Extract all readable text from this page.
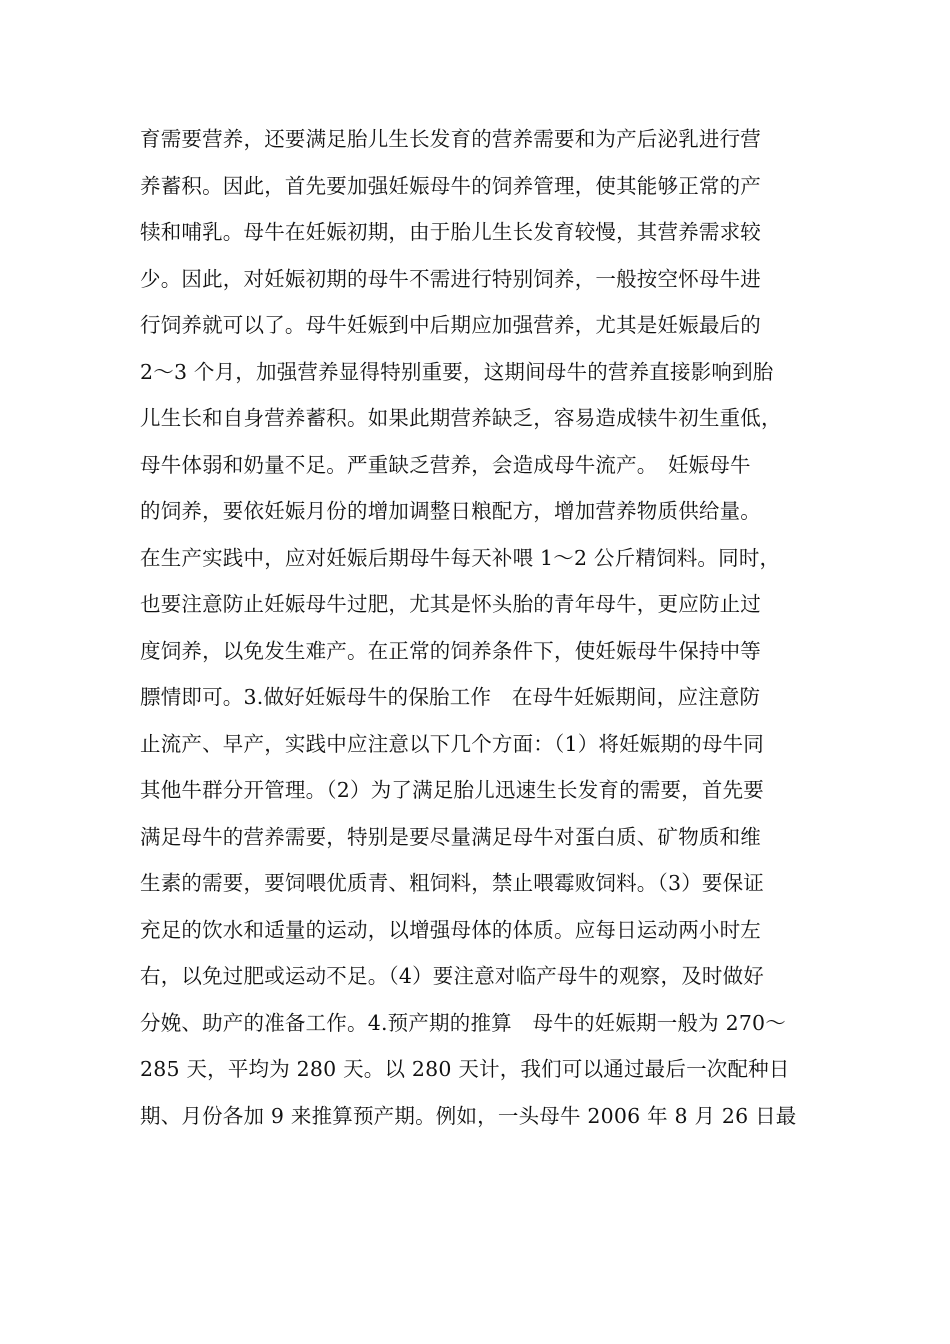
育需要营养，还要满足胎儿生长发育的营养需要和为产后泌乳进行营
养蓄积。因此，首先要加强妊娠母牛的饲养管理，使其能够正常的产
犊和哺乳。母牛在妊娠初期，由于胎儿生长发育较慢，其营养需求较
少。因此，对妊娠初期的母牛不需进行特别饲养，一般按空怀母牛进
行饲养就可以了。母牛妊娠到中后期应加强营养，尤其是妊娠最后的
2～3 个月，加强营养显得特别重要，这期间母牛的营养直接影响到胎
儿生长和自身营养蓄积。如果此期营养缺乏，容易造成犊牛初生重低，
母牛体弱和奶量不足。严重缺乏营养，会造成母牛流产。　妊娠母牛
的饲养，要依妊娠月份的增加调整日粮配方，增加营养物质供给量。
在生产实践中，应对妊娠后期母牛每天补喂 1～2 公斤精饲料。同时，
也要注意防止妊娠母牛过肥，尤其是怀头胎的青年母牛，更应防止过
度饲养，以免发生难产。在正常的饲养条件下，使妊娠母牛保持中等
膘情即可。3.做好妊娠母牛的保胎工作　在母牛妊娠期间，应注意防
止流产、早产，实践中应注意以下几个方面：（1）将妊娠期的母牛同
其他牛群分开管理。（2）为了满足胎儿迅速生长发育的需要，首先要
满足母牛的营养需要，特别是要尽量满足母牛对蛋白质、矿物质和维
生素的需要，要饲喂优质青、粗饲料，禁止喂霉败饲料。（3）要保证
充足的饮水和适量的运动，以增强母体的体质。应每日运动两小时左
右，以免过肥或运动不足。（4）要注意对临产母牛的观察，及时做好
分娩、助产的准备工作。4.预产期的推算　母牛的妊娠期一般为 270～
285 天，平均为 280 天。以 280 天计，我们可以通过最后一次配种日
期、月份各加 9 来推算预产期。例如，一头母牛 2006 年 8 月 26 日最
